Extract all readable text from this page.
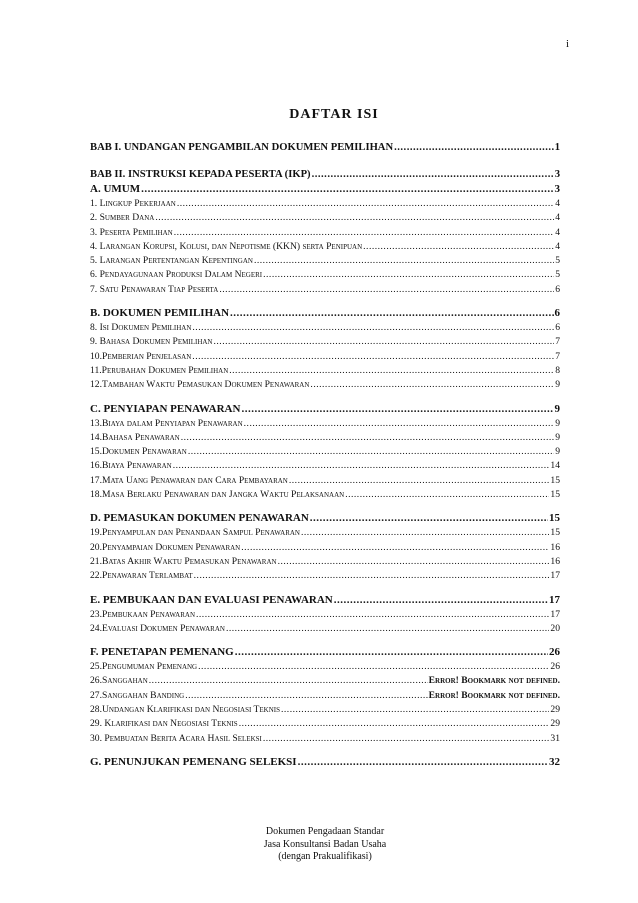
i
DAFTAR ISI
BAB I. UNDANGAN PENGAMBILAN DOKUMEN PEMILIHAN .....	1
BAB II. INSTRUKSI KEPADA PESERTA (IKP) .....	3
A. UMUM .....	3
1. Lingkup Pekerjaan .....	4
2. Sumber Dana .....	4
3. Peserta Pemilihan .....	4
4. Larangan Korupsi, Kolusi, dan Nepotisme (KKN) serta Penipuan .....	4
5. Larangan Pertentangan Kepentingan .....	5
6. Pendayagunaan Produksi Dalam Negeri .....	5
7. Satu Penawaran Tiap Peserta .....	6
B. DOKUMEN PEMILIHAN .....	6
8. Isi Dokumen Pemilihan .....	6
9. Bahasa Dokumen Pemilihan .....	7
10.Pemberian Penjelasan .....	7
11.Perubahan Dokumen Pemilihan .....	8
12.Tambahan Waktu Pemasukan Dokumen Penawaran .....	9
C. PENYIAPAN PENAWARAN .....	9
13.Biaya dalam Penyiapan Penawaran .....	9
14.Bahasa Penawaran .....	9
15.Dokumen Penawaran .....	9
16.Biaya Penawaran .....	14
17.Mata Uang Penawaran dan Cara Pembayaran .....	15
18.Masa Berlaku Penawaran dan Jangka Waktu Pelaksanaan .....	15
D. PEMASUKAN DOKUMEN PENAWARAN .....	15
19.Penyampulan dan Penandaan Sampul Penawaran .....	15
20.Penyampaian Dokumen Penawaran .....	16
21.Batas Akhir Waktu Pemasukan Penawaran .....	16
22.Penawaran Terlambat .....	17
E. PEMBUKAAN DAN EVALUASI PENAWARAN .....	17
23.Pembukaan Penawaran .....	17
24.Evaluasi Dokumen Penawaran .....	20
F. PENETAPAN PEMENANG .....	26
25.Pengumuman Pemenang .....	26
26.Sanggahan .....	Error! Bookmark not defined.
27.Sanggahan Banding .....	Error! Bookmark not defined.
28.Undangan Klarifikasi dan Negosiasi Teknis .....	29
29. Klarifikasi dan Negosiasi Teknis .....	29
30. Pembuatan Berita Acara Hasil Seleksi .....	31
G. PENUNJUKAN PEMENANG SELEKSI .....	32
Dokumen Pengadaan Standar
Jasa Konsultansi Badan Usaha
(dengan Prakualifikasi)
